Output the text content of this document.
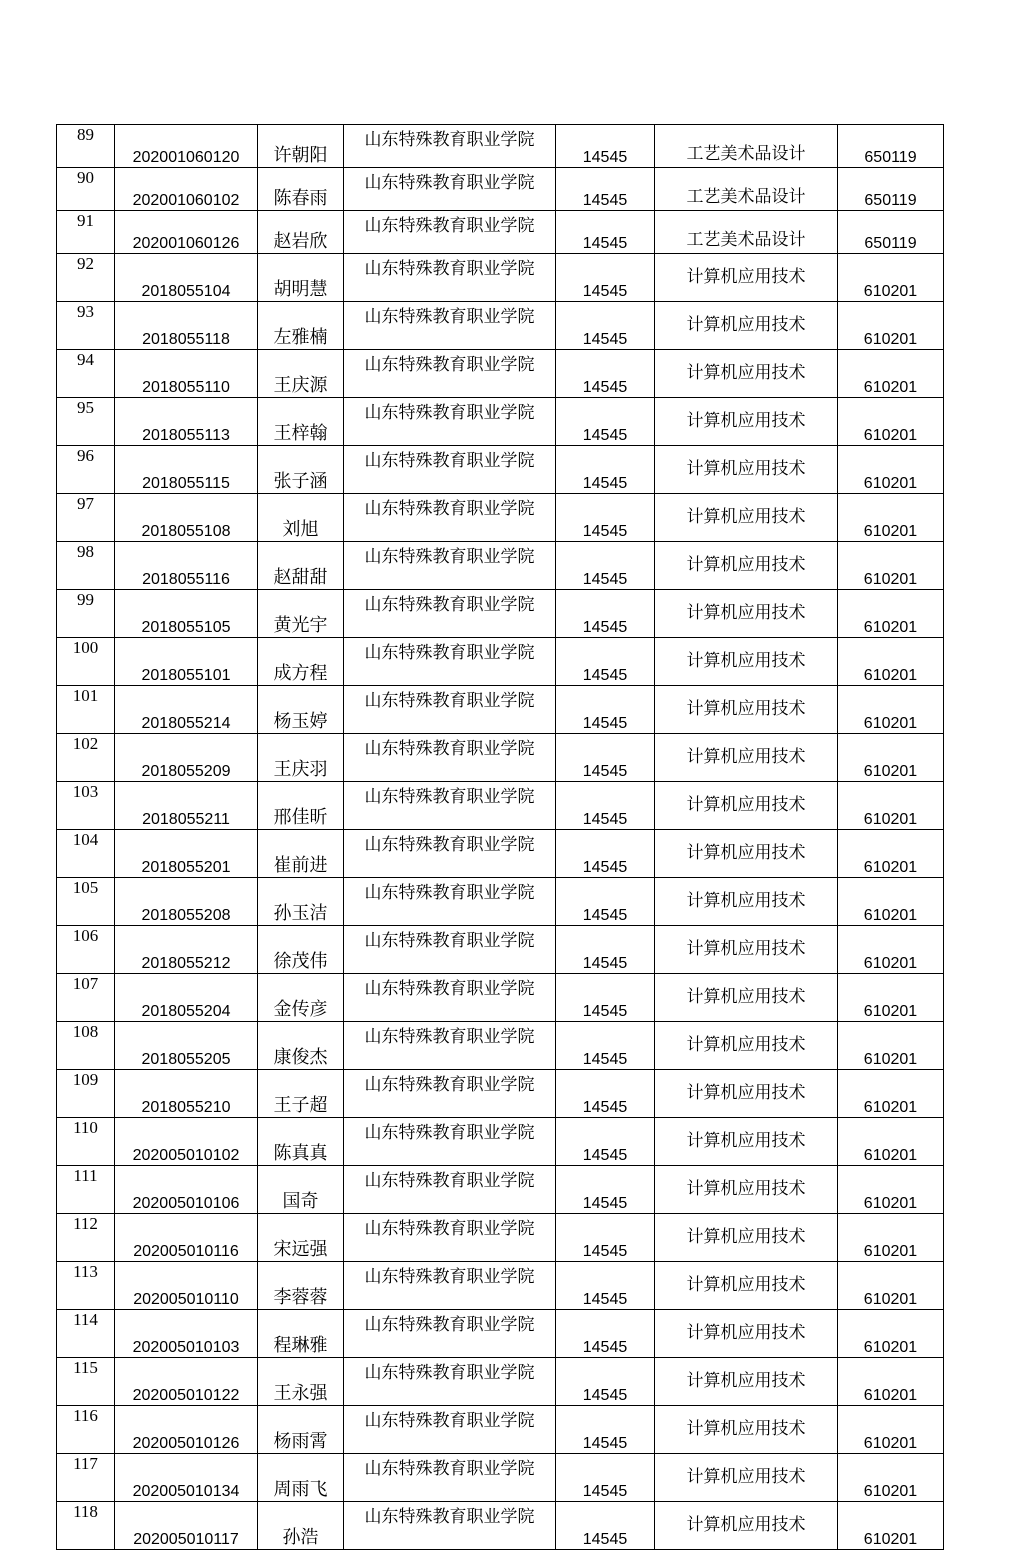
89	202001060120	许朝阳	山东特殊教育职业学院	14545	工艺美术品设计	650119
90	202001060102	陈春雨	山东特殊教育职业学院	14545	工艺美术品设计	650119
91	202001060126	赵岩欣	山东特殊教育职业学院	14545	工艺美术品设计	650119
92	2018055104	胡明慧	山东特殊教育职业学院	14545	计算机应用技术	610201
93	2018055118	左雅楠	山东特殊教育职业学院	14545	计算机应用技术	610201
94	2018055110	王庆源	山东特殊教育职业学院	14545	计算机应用技术	610201
95	2018055113	王梓翰	山东特殊教育职业学院	14545	计算机应用技术	610201
96	2018055115	张子涵	山东特殊教育职业学院	14545	计算机应用技术	610201
97	2018055108	刘旭	山东特殊教育职业学院	14545	计算机应用技术	610201
98	2018055116	赵甜甜	山东特殊教育职业学院	14545	计算机应用技术	610201
99	2018055105	黄光宇	山东特殊教育职业学院	14545	计算机应用技术	610201
100	2018055101	成方程	山东特殊教育职业学院	14545	计算机应用技术	610201
101	2018055214	杨玉婷	山东特殊教育职业学院	14545	计算机应用技术	610201
102	2018055209	王庆羽	山东特殊教育职业学院	14545	计算机应用技术	610201
103	2018055211	邢佳昕	山东特殊教育职业学院	14545	计算机应用技术	610201
104	2018055201	崔前进	山东特殊教育职业学院	14545	计算机应用技术	610201
105	2018055208	孙玉洁	山东特殊教育职业学院	14545	计算机应用技术	610201
106	2018055212	徐茂伟	山东特殊教育职业学院	14545	计算机应用技术	610201
107	2018055204	金传彦	山东特殊教育职业学院	14545	计算机应用技术	610201
108	2018055205	康俊杰	山东特殊教育职业学院	14545	计算机应用技术	610201
109	2018055210	王子超	山东特殊教育职业学院	14545	计算机应用技术	610201
110	202005010102	陈真真	山东特殊教育职业学院	14545	计算机应用技术	610201
111	202005010106	国奇	山东特殊教育职业学院	14545	计算机应用技术	610201
112	202005010116	宋远强	山东特殊教育职业学院	14545	计算机应用技术	610201
113	202005010110	李蓉蓉	山东特殊教育职业学院	14545	计算机应用技术	610201
114	202005010103	程琳雅	山东特殊教育职业学院	14545	计算机应用技术	610201
115	202005010122	王永强	山东特殊教育职业学院	14545	计算机应用技术	610201
116	202005010126	杨雨霄	山东特殊教育职业学院	14545	计算机应用技术	610201
117	202005010134	周雨飞	山东特殊教育职业学院	14545	计算机应用技术	610201
118	202005010117	孙浩	山东特殊教育职业学院	14545	计算机应用技术	610201
